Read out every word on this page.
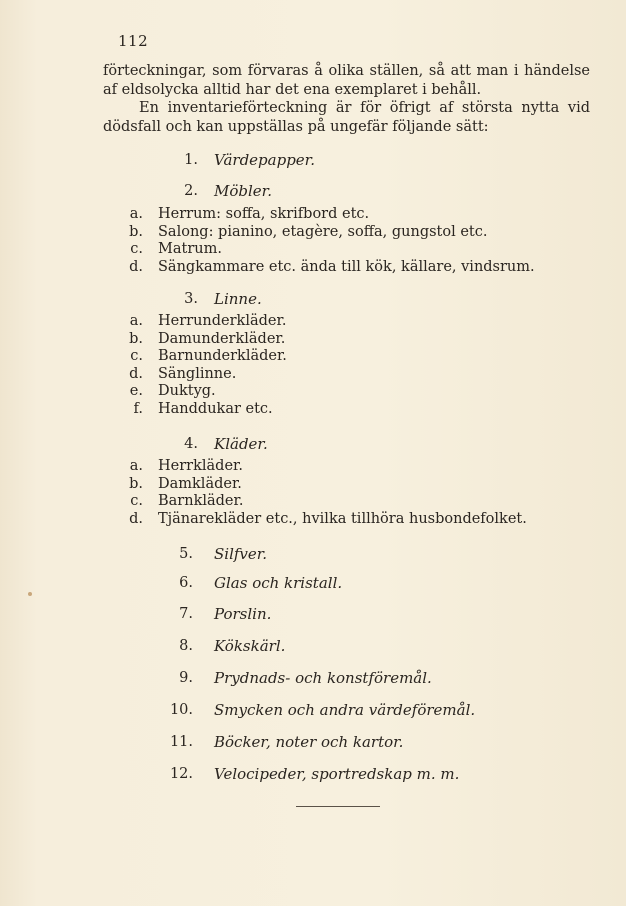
112

förteckningar, som förvaras å olika ställen, så att man i händelse af eldsolycka alltid har det ena exemplaret i behåll.

En inventarieförteckning är för öfrigt af största nytta vid dödsfall och kan uppställas på ungefär följande sätt:

1. Värdepapper.
2. Möbler.
a. Herrum: soffa, skrifbord etc.
b. Salong: pianino, etagère, soffa, gungstol etc.
c. Matrum.
d. Sängkammare etc. ända till kök, källare, vindsrum.
3. Linne.
a. Herrunderkläder.
b. Damunderkläder.
c. Barnunderkläder.
d. Sänglinne.
e. Duktyg.
f. Handdukar etc.
4. Kläder.
a. Herrkläder.
b. Damkläder.
c. Barnkläder.
d. Tjänarekläder etc., hvilka tillhöra husbondefolket.
5. Silfver.
6. Glas och kristall.
7. Porslin.
8. Kökskärl.
9. Prydnads- och konstföremål.
10. Smycken och andra värdeföremål.
11. Böcker, noter och kartor.
12. Velocipeder, sportredskap m. m.
